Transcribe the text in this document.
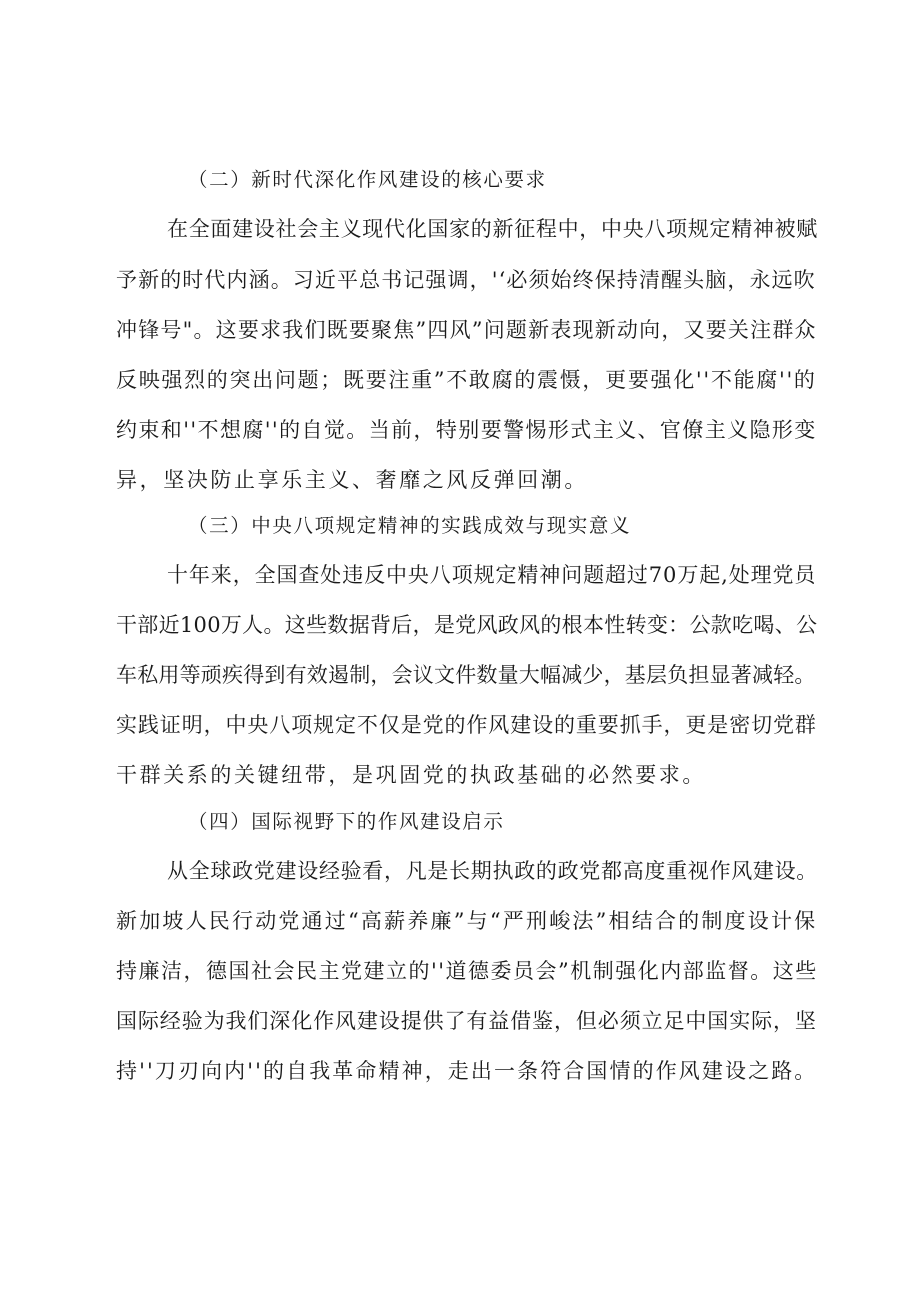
（二）新时代深化作风建设的核心要求
在全面建设社会主义现代化国家的新征程中，中央八项规定精神被赋
予新的时代内涵。习近平总书记强调，'‘必须始终保持清醒头脑，永远吹
冲锋号"。这要求我们既要聚焦”四风”问题新表现新动向，又要关注群众
反映强烈的突出问题；既要注重”不敢腐的震慑，更要强化''不能腐''的
约束和''不想腐''的自觉。当前，特别要警惕形式主义、官僚主义隐形变
异，坚决防止享乐主义、奢靡之风反弹回潮。
（三）中央八项规定精神的实践成效与现实意义
十年来，全国查处违反中央八项规定精神问题超过70万起,处理党员
干部近100万人。这些数据背后，是党风政风的根本性转变：公款吃喝、公
车私用等顽疾得到有效遏制，会议文件数量大幅减少，基层负担显著减轻。
实践证明，中央八项规定不仅是党的作风建设的重要抓手，更是密切党群
干群关系的关键纽带，是巩固党的执政基础的必然要求。
（四）国际视野下的作风建设启示
从全球政党建设经验看，凡是长期执政的政党都高度重视作风建设。
新加坡人民行动党通过“高薪养廉”与“严刑峻法”相结合的制度设计保
持廉洁，德国社会民主党建立的''道德委员会”机制强化内部监督。这些
国际经验为我们深化作风建设提供了有益借鉴，但必须立足中国实际，坚
持''刀刃向内''的自我革命精神，走出一条符合国情的作风建设之路。
